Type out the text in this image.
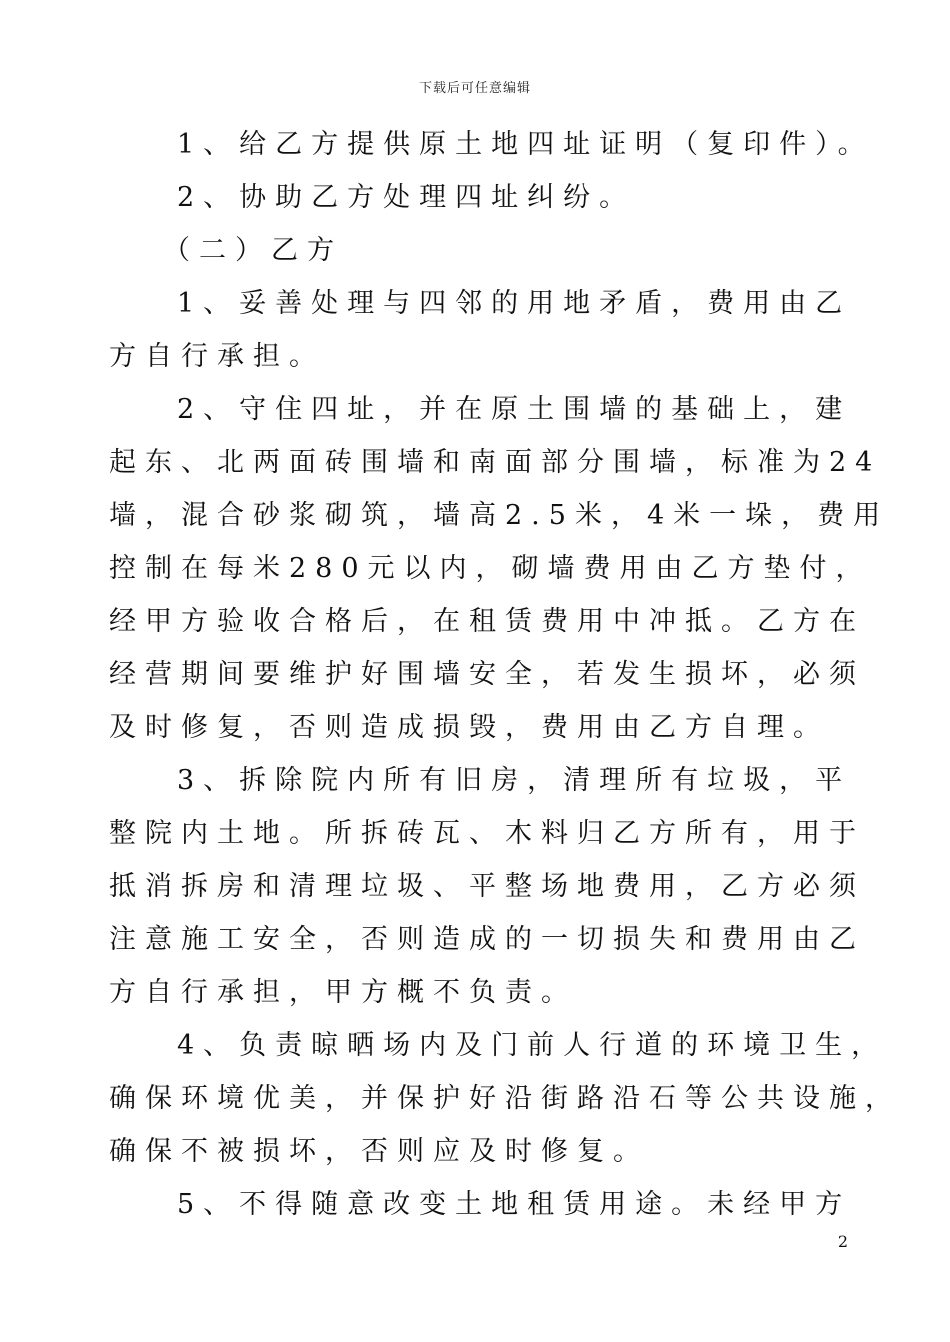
下载后可任意编辑
1、给乙方提供原土地四址证明（复印件）。
2、协助乙方处理四址纠纷。
（二）乙方
1、妥善处理与四邻的用地矛盾，费用由乙
方自行承担。
2、守住四址，并在原土围墙的基础上，建
起东、北两面砖围墙和南面部分围墙，标准为24
墙，混合砂浆砌筑，墙高2.5米，4米一垛，费用
控制在每米280元以内，砌墙费用由乙方垫付，
经甲方验收合格后，在租赁费用中冲抵。乙方在
经营期间要维护好围墙安全，若发生损坏，必须
及时修复，否则造成损毁，费用由乙方自理。
3、拆除院内所有旧房，清理所有垃圾，平
整院内土地。所拆砖瓦、木料归乙方所有，用于
抵消拆房和清理垃圾、平整场地费用，乙方必须
注意施工安全，否则造成的一切损失和费用由乙
方自行承担，甲方概不负责。
4、负责晾晒场内及门前人行道的环境卫生，
确保环境优美，并保护好沿街路沿石等公共设施，
确保不被损坏，否则应及时修复。
5、不得随意改变土地租赁用途。未经甲方
2
